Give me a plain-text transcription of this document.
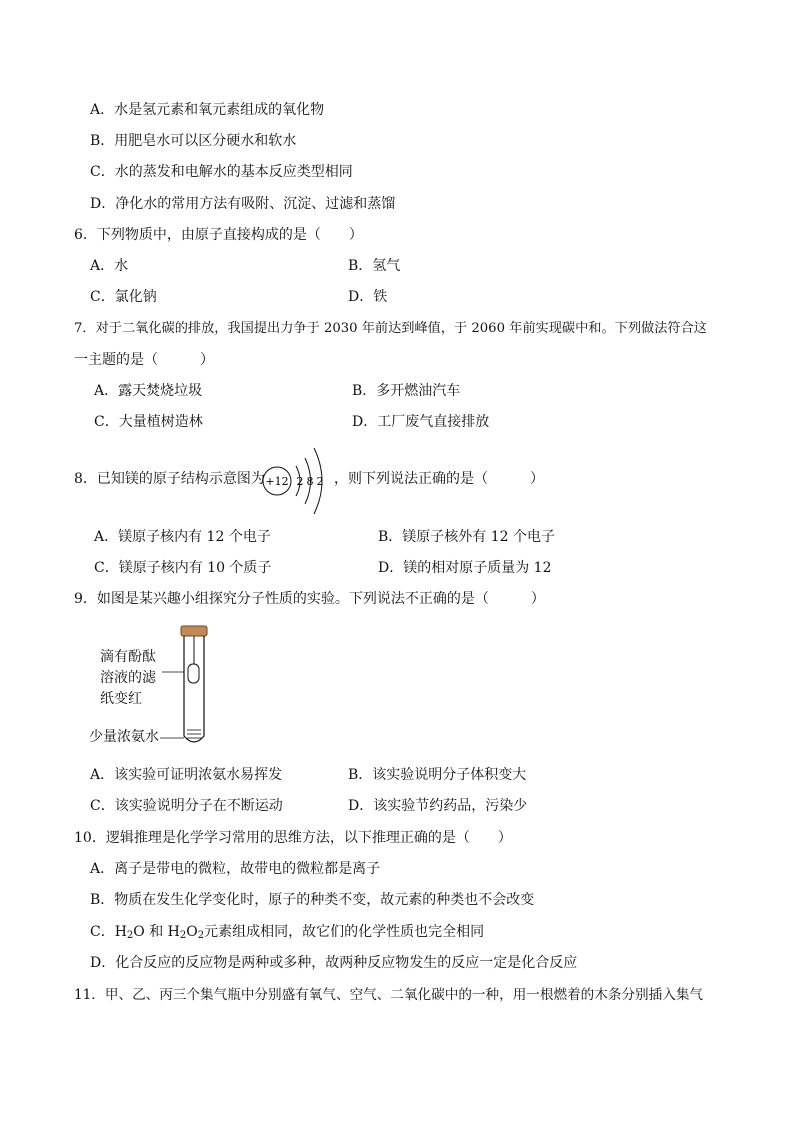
A．水是氢元素和氧元素组成的氧化物
B．用肥皂水可以区分硬水和软水
C．水的蒸发和电解水的基本反应类型相同
D．净化水的常用方法有吸附、沉淀、过滤和蒸馏
6．下列物质中，由原子直接构成的是（　　）
A．水	B．氢气
C．氯化钠	D．铁
7．对于二氧化碳的排放，我国提出力争于 2030 年前达到峰值，于 2060 年前实现碳中和。下列做法符合这
一主题的是（　　　）
A．露天焚烧垃圾	B．多开燃油汽车
C．大量植树造林	D．工厂废气直接排放
8．已知镁的原子结构示意图为 +12 2 8 2 ，则下列说法正确的是（　　　）
A．镁原子核内有 12 个电子	B．镁原子核外有 12 个电子
C．镁原子核内有 10 个质子	D．镁的相对原子质量为 12
9．如图是某兴趣小组探究分子性质的实验。下列说法不正确的是（　　　）
滴有酚酞
溶液的滤
纸变红
少量浓氨水
A．该实验可证明浓氨水易挥发	B．该实验说明分子体积变大
C．该实验说明分子在不断运动	D．该实验节约药品，污染少
10．逻辑推理是化学学习常用的思维方法，以下推理正确的是（　　）
A．离子是带电的微粒，故带电的微粒都是离子
B．物质在发生化学变化时，原子的种类不变，故元素的种类也不会改变
C．$H_2O$ 和 $H_2O_2$元素组成相同，故它们的化学性质也完全相同
D．化合反应的反应物是两种或多种，故两种反应物发生的反应一定是化合反应
11．甲、乙、丙三个集气瓶中分别盛有氧气、空气、二氧化碳中的一种，用一根燃着的木条分别插入集气
